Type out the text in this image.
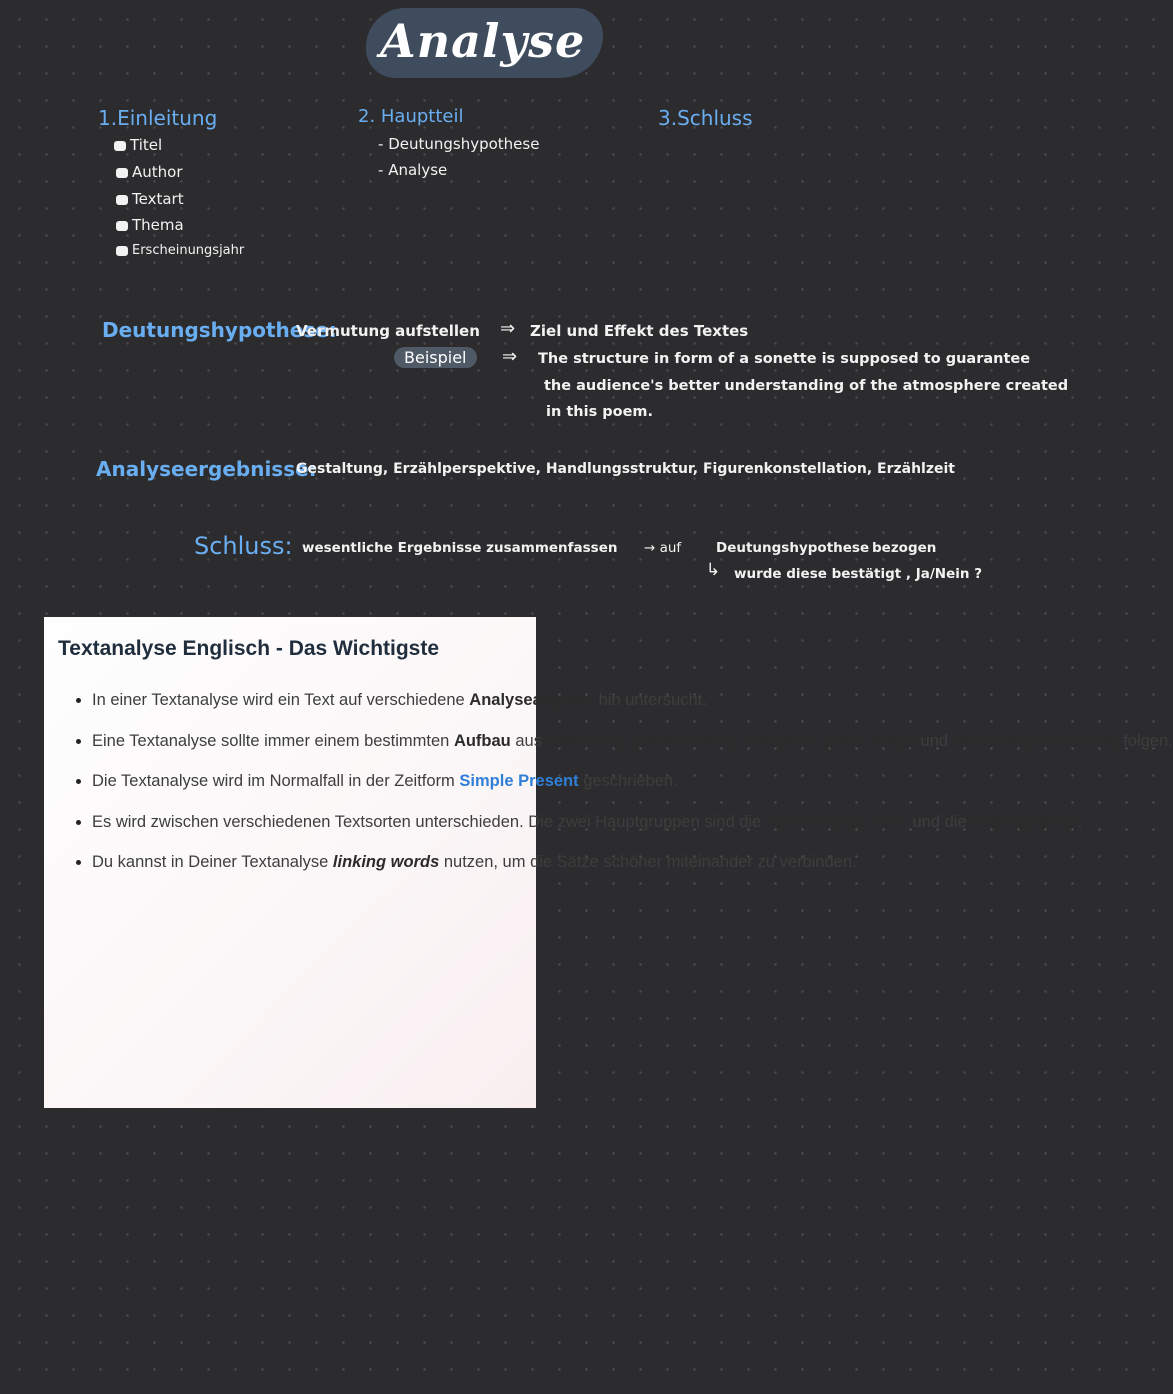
Analyse
1.Einleitung
Titel
Author
Textart
Thema
Erscheinungsjahr
2. Hauptteil
- Deutungshypothese
- Analyse
3.Schluss
Deutungshypothese:
Vermutung aufstellen ⇒ Ziel und Effekt des Textes
Beispiel	⇒ The structure in form of a sonette is supposed to guarantee
the audience's better understanding of the atmosphere created
in this poem.
Analyseergebnisse:
Gestaltung, Erzählperspektive, Handlungsstruktur, Figurenkonstellation, Erzählzeit
Schluss: wesentliche Ergebnisse zusammenfassen → auf	Deutungshypothese bezogen
↳ wurde diese bestätigt , Ja/Nein ?
Textanalyse Englisch - Das Wichtigste
• In einer Textanalyse wird ein Text auf verschiedene Analyseaspekte hin untersucht.
• Eine Textanalyse sollte immer einem bestimmten Aufbau aus Einleitung (introduction), Hauptteil (main body) und Schluss (conclusion) folgen.
• Die Textanalyse wird im Normalfall in der Zeitform Simple Present geschrieben.
• Es wird zwischen verschiedenen Textsorten unterschieden. Die zwei Hauptgruppen sind die non-fictional texts und die fictional texts.
• Du kannst in Deiner Textanalyse linking words nutzen, um die Sätze schöner miteinander zu verbinden.
